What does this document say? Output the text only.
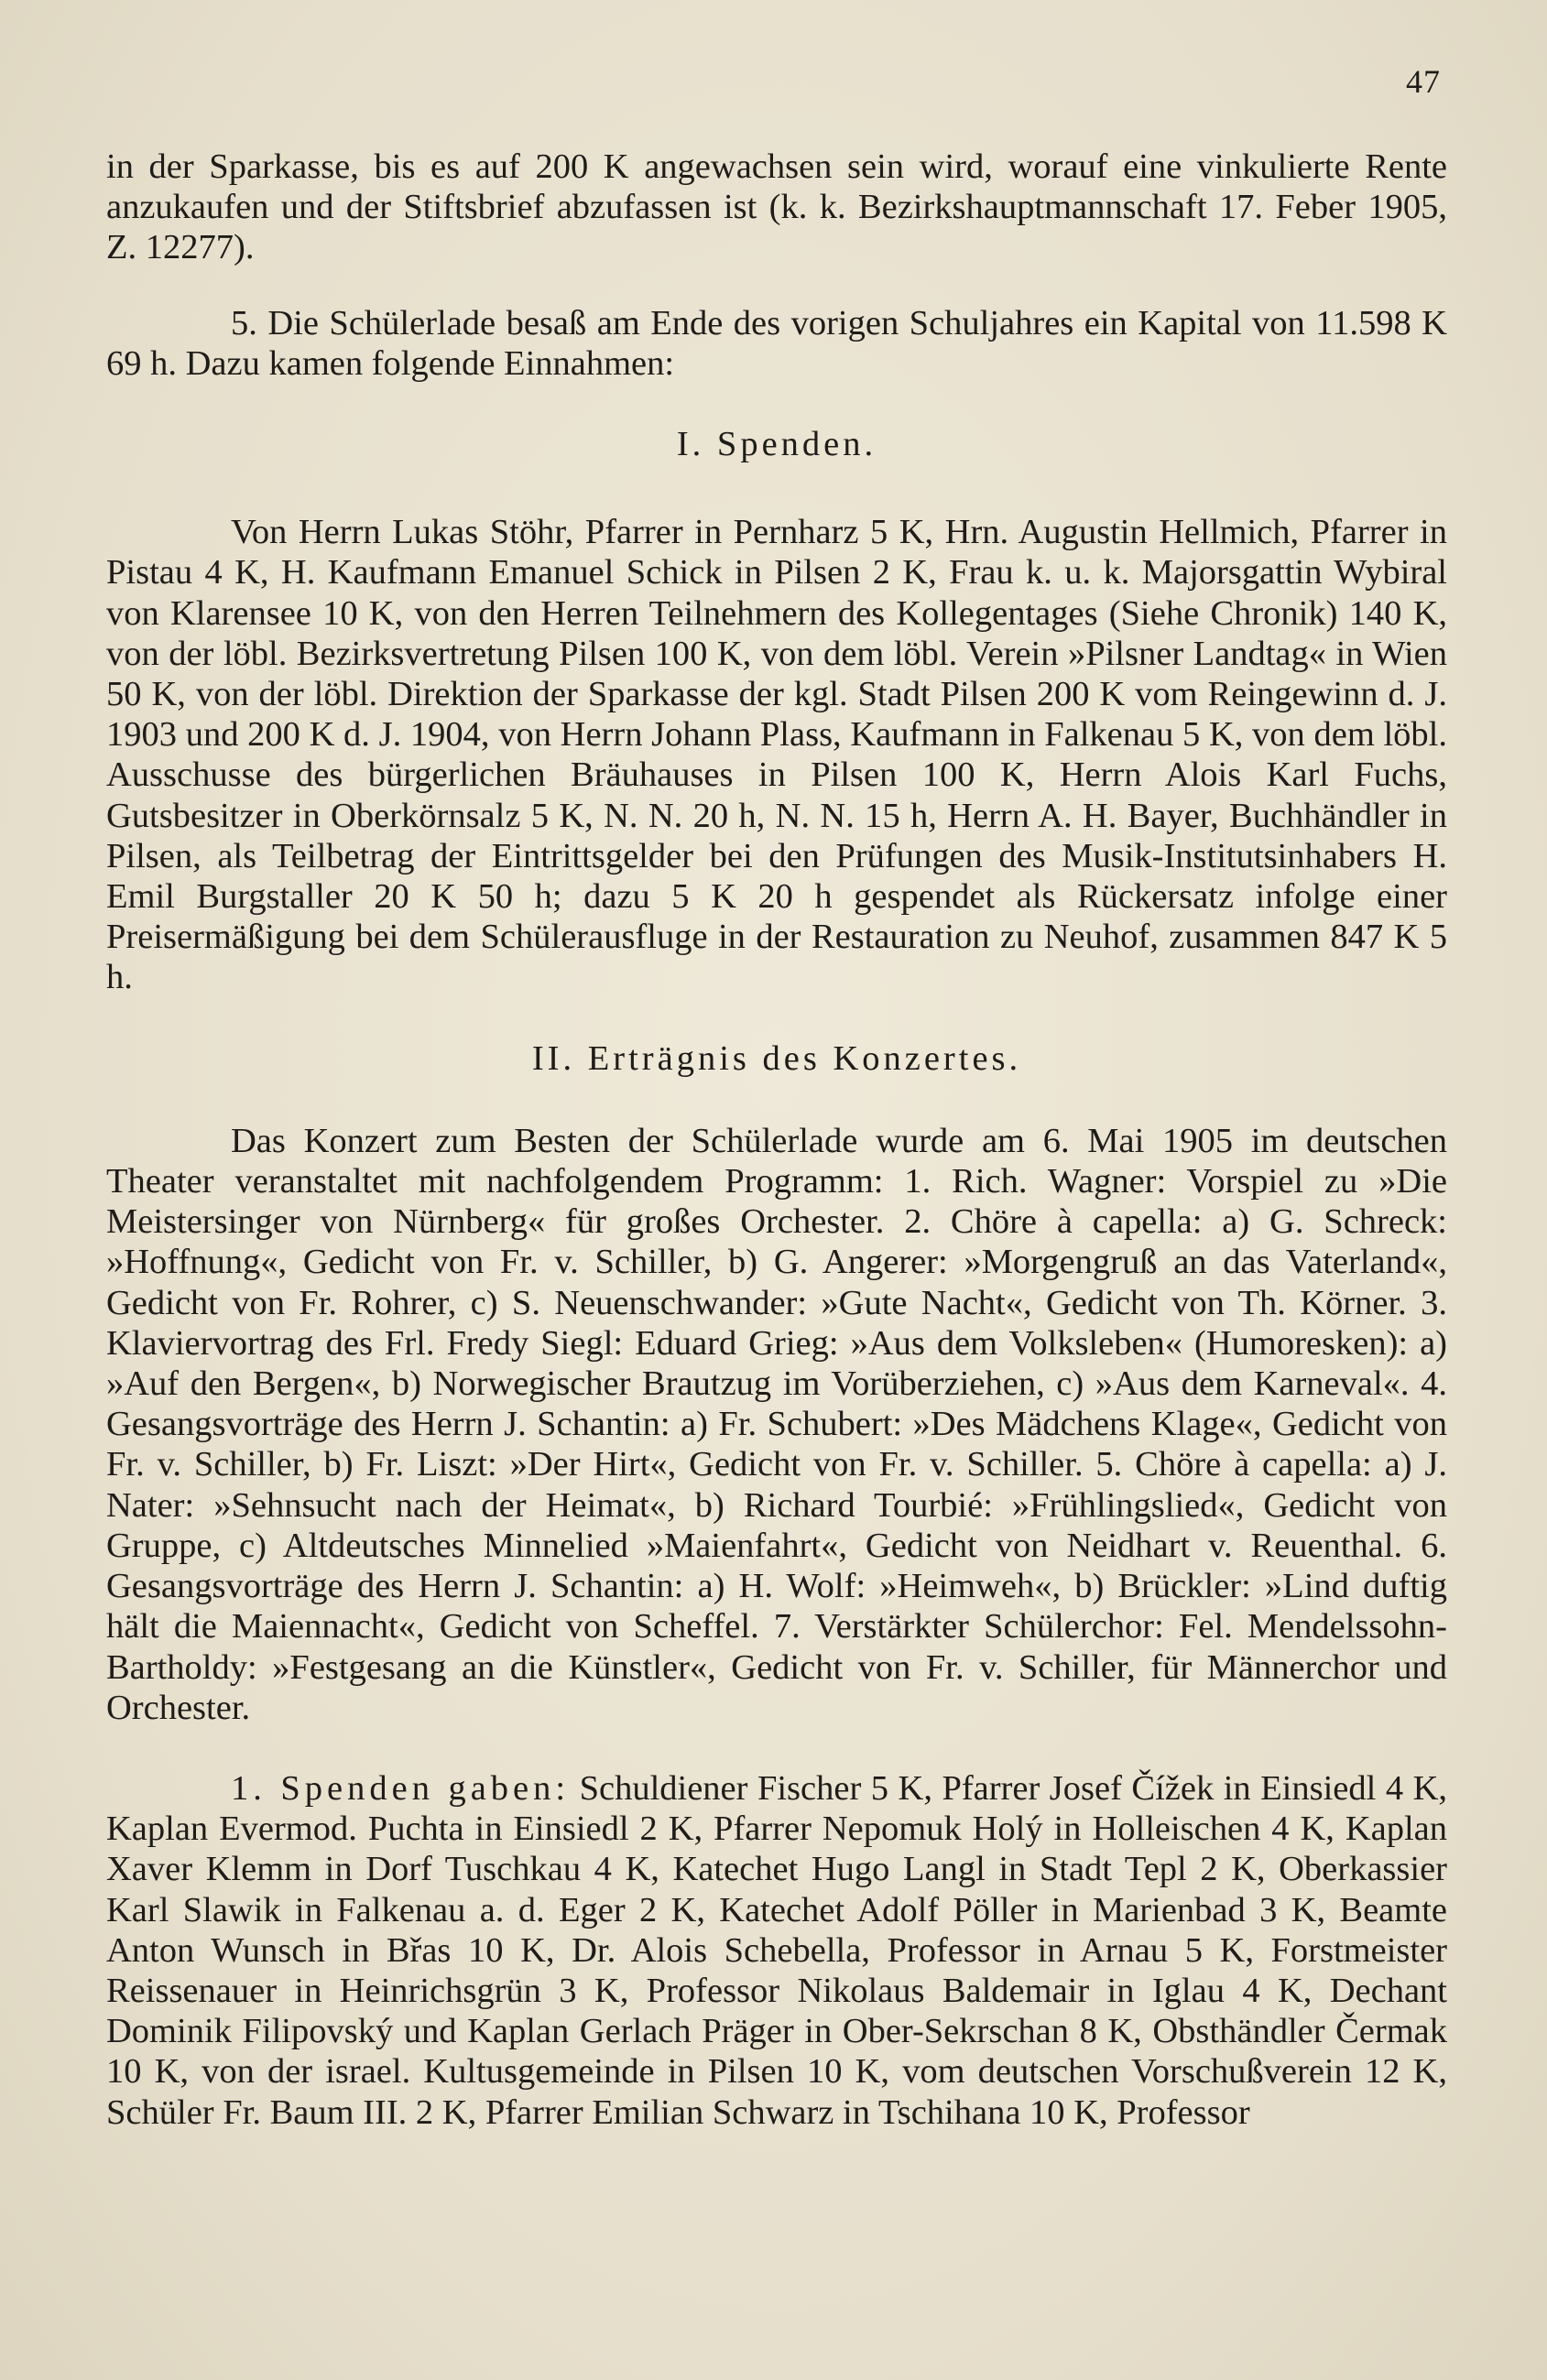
47

in der Sparkasse, bis es auf 200 K angewachsen sein wird, worauf eine vinkulierte Rente anzukaufen und der Stiftsbrief abzufassen ist (k. k. Bezirkshauptmannschaft 17. Feber 1905, Z. 12277).

5. Die Schülerlade besaß am Ende des vorigen Schuljahres ein Kapital von 11.598 K 69 h. Dazu kamen folgende Einnahmen:

I. Spenden.

Von Herrn Lukas Stöhr, Pfarrer in Pernharz 5 K, Hrn. Augustin Hellmich, Pfarrer in Pistau 4 K, H. Kaufmann Emanuel Schick in Pilsen 2 K, Frau k. u. k. Majorsgattin Wybiral von Klarensee 10 K, von den Herren Teilnehmern des Kollegentages (Siehe Chronik) 140 K, von der löbl. Bezirksvertretung Pilsen 100 K, von dem löbl. Verein »Pilsner Landtag« in Wien 50 K, von der löbl. Direktion der Sparkasse der kgl. Stadt Pilsen 200 K vom Reingewinn d. J. 1903 und 200 K d. J. 1904, von Herrn Johann Plass, Kaufmann in Falkenau 5 K, von dem löbl. Ausschusse des bürgerlichen Bräuhauses in Pilsen 100 K, Herrn Alois Karl Fuchs, Gutsbesitzer in Oberkörnsalz 5 K, N. N. 20 h, N. N. 15 h, Herrn A. H. Bayer, Buchhändler in Pilsen, als Teilbetrag der Eintrittsgelder bei den Prüfungen des Musik-Institutsinhabers H. Emil Burgstaller 20 K 50 h; dazu 5 K 20 h gespendet als Rückersatz infolge einer Preisermäßigung bei dem Schülerausfluge in der Restauration zu Neuhof, zusammen 847 K 5 h.

II. Erträgnis des Konzertes.

Das Konzert zum Besten der Schülerlade wurde am 6. Mai 1905 im deutschen Theater veranstaltet mit nachfolgendem Programm: 1. Rich. Wagner: Vorspiel zu »Die Meistersinger von Nürnberg« für großes Orchester. 2. Chöre à capella: a) G. Schreck: »Hoffnung«, Gedicht von Fr. v. Schiller, b) G. Angerer: »Morgengruß an das Vaterland«, Gedicht von Fr. Rohrer, c) S. Neuenschwander: »Gute Nacht«, Gedicht von Th. Körner. 3. Klaviervortrag des Frl. Fredy Siegl: Eduard Grieg: »Aus dem Volksleben« (Humoresken): a) »Auf den Bergen«, b) Norwegischer Brautzug im Vorüberziehen, c) »Aus dem Karneval«. 4. Gesangsvorträge des Herrn J. Schantin: a) Fr. Schubert: »Des Mädchens Klage«, Gedicht von Fr. v. Schiller, b) Fr. Liszt: »Der Hirt«, Gedicht von Fr. v. Schiller. 5. Chöre à capella: a) J. Nater: »Sehnsucht nach der Heimat«, b) Richard Tourbié: »Frühlingslied«, Gedicht von Gruppe, c) Altdeutsches Minnelied »Maienfahrt«, Gedicht von Neidhart v. Reuenthal. 6. Gesangsvorträge des Herrn J. Schantin: a) H. Wolf: »Heimweh«, b) Brückler: »Lind duftig hält die Maiennacht«, Gedicht von Scheffel. 7. Verstärkter Schülerchor: Fel. Mendelssohn-Bartholdy: »Festgesang an die Künstler«, Gedicht von Fr. v. Schiller, für Männerchor und Orchester.

1. Spenden gaben: Schuldiener Fischer 5 K, Pfarrer Josef Čížek in Einsiedl 4 K, Kaplan Evermod. Puchta in Einsiedl 2 K, Pfarrer Nepomuk Holý in Holleischen 4 K, Kaplan Xaver Klemm in Dorf Tuschkau 4 K, Katechet Hugo Langl in Stadt Tepl 2 K, Oberkassier Karl Slawik in Falkenau a. d. Eger 2 K, Katechet Adolf Pöller in Marienbad 3 K, Beamte Anton Wunsch in Břas 10 K, Dr. Alois Schebella, Professor in Arnau 5 K, Forstmeister Reissenauer in Heinrichsgrün 3 K, Professor Nikolaus Baldemair in Iglau 4 K, Dechant Dominik Filipovský und Kaplan Gerlach Präger in Ober-Sekrschan 8 K, Obsthändler Čermak 10 K, von der israel. Kultusgemeinde in Pilsen 10 K, vom deutschen Vorschußverein 12 K, Schüler Fr. Baum III. 2 K, Pfarrer Emilian Schwarz in Tschihana 10 K, Professor
